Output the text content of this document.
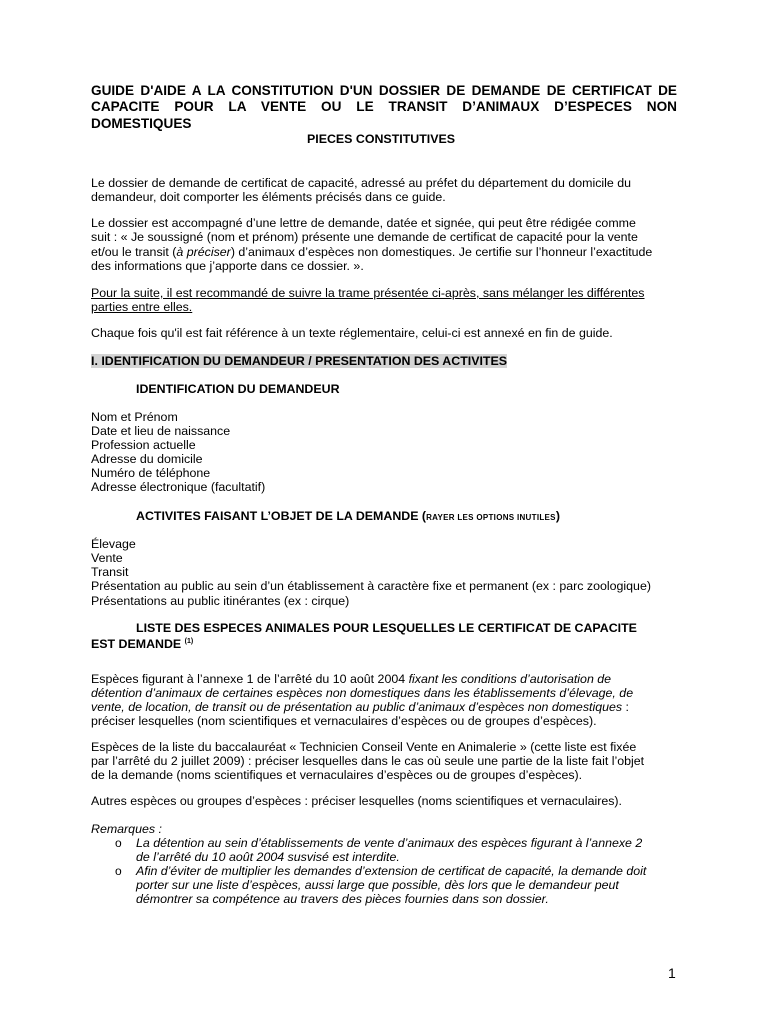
GUIDE D'AIDE A LA CONSTITUTION D'UN DOSSIER DE DEMANDE DE CERTIFICAT DE
CAPACITE POUR LA VENTE OU LE TRANSIT D’ANIMAUX D’ESPECES NON
DOMESTIQUES
PIECES CONSTITUTIVES
Le dossier de demande de certificat de capacité, adressé au préfet du département du domicile du
demandeur, doit comporter les éléments précisés dans ce guide.
Le dossier est accompagné d’une lettre de demande, datée et signée, qui peut être rédigée comme
suit : « Je soussigné (nom et prénom) présente une demande de certificat de capacité pour la vente
et/ou le transit (à préciser) d’animaux d’espèces non domestiques. Je certifie sur l’honneur l’exactitude
des informations que j’apporte dans ce dossier. ».
Pour la suite, il est recommandé de suivre la trame présentée ci-après, sans mélanger les différentes
parties entre elles.
Chaque fois qu'il est fait référence à un texte réglementaire, celui-ci est annexé en fin de guide.
I. IDENTIFICATION DU DEMANDEUR / PRESENTATION DES ACTIVITES
IDENTIFICATION DU DEMANDEUR
Nom et Prénom
Date et lieu de naissance
Profession actuelle
Adresse du domicile
Numéro de téléphone
Adresse électronique (facultatif)
ACTIVITES FAISANT L’OBJET DE LA DEMANDE (RAYER LES OPTIONS INUTILES)
Élevage
Vente
Transit
Présentation au public au sein d’un établissement à caractère fixe et permanent (ex : parc zoologique)
Présentations au public itinérantes (ex : cirque)
LISTE DES ESPECES ANIMALES POUR LESQUELLES LE CERTIFICAT DE CAPACITE
EST DEMANDE $^{(1)}$
Espèces figurant à l’annexe 1 de l’arrêté du 10 août 2004 fixant les conditions d’autorisation de
détention d’animaux de certaines espèces non domestiques dans les établissements d’élevage, de
vente, de location, de transit ou de présentation au public d’animaux d’espèces non domestiques :
préciser lesquelles (nom scientifiques et vernaculaires d’espèces ou de groupes d’espèces).
Espèces de la liste du baccalauréat « Technicien Conseil Vente en Animalerie » (cette liste est fixée
par l’arrêté du 2 juillet 2009) : préciser lesquelles dans le cas où seule une partie de la liste fait l’objet
de la demande (noms scientifiques et vernaculaires d’espèces ou de groupes d’espèces).
Autres espèces ou groupes d’espèces : préciser lesquelles (noms scientifiques et vernaculaires).
Remarques :
o La détention au sein d’établissements de vente d’animaux des espèces figurant à l’annexe 2
de l’arrêté du 10 août 2004 susvisé est interdite.
o Afin d’éviter de multiplier les demandes d’extension de certificat de capacité, la demande doit
porter sur une liste d’espèces, aussi large que possible, dès lors que le demandeur peut
démontrer sa compétence au travers des pièces fournies dans son dossier.
1
